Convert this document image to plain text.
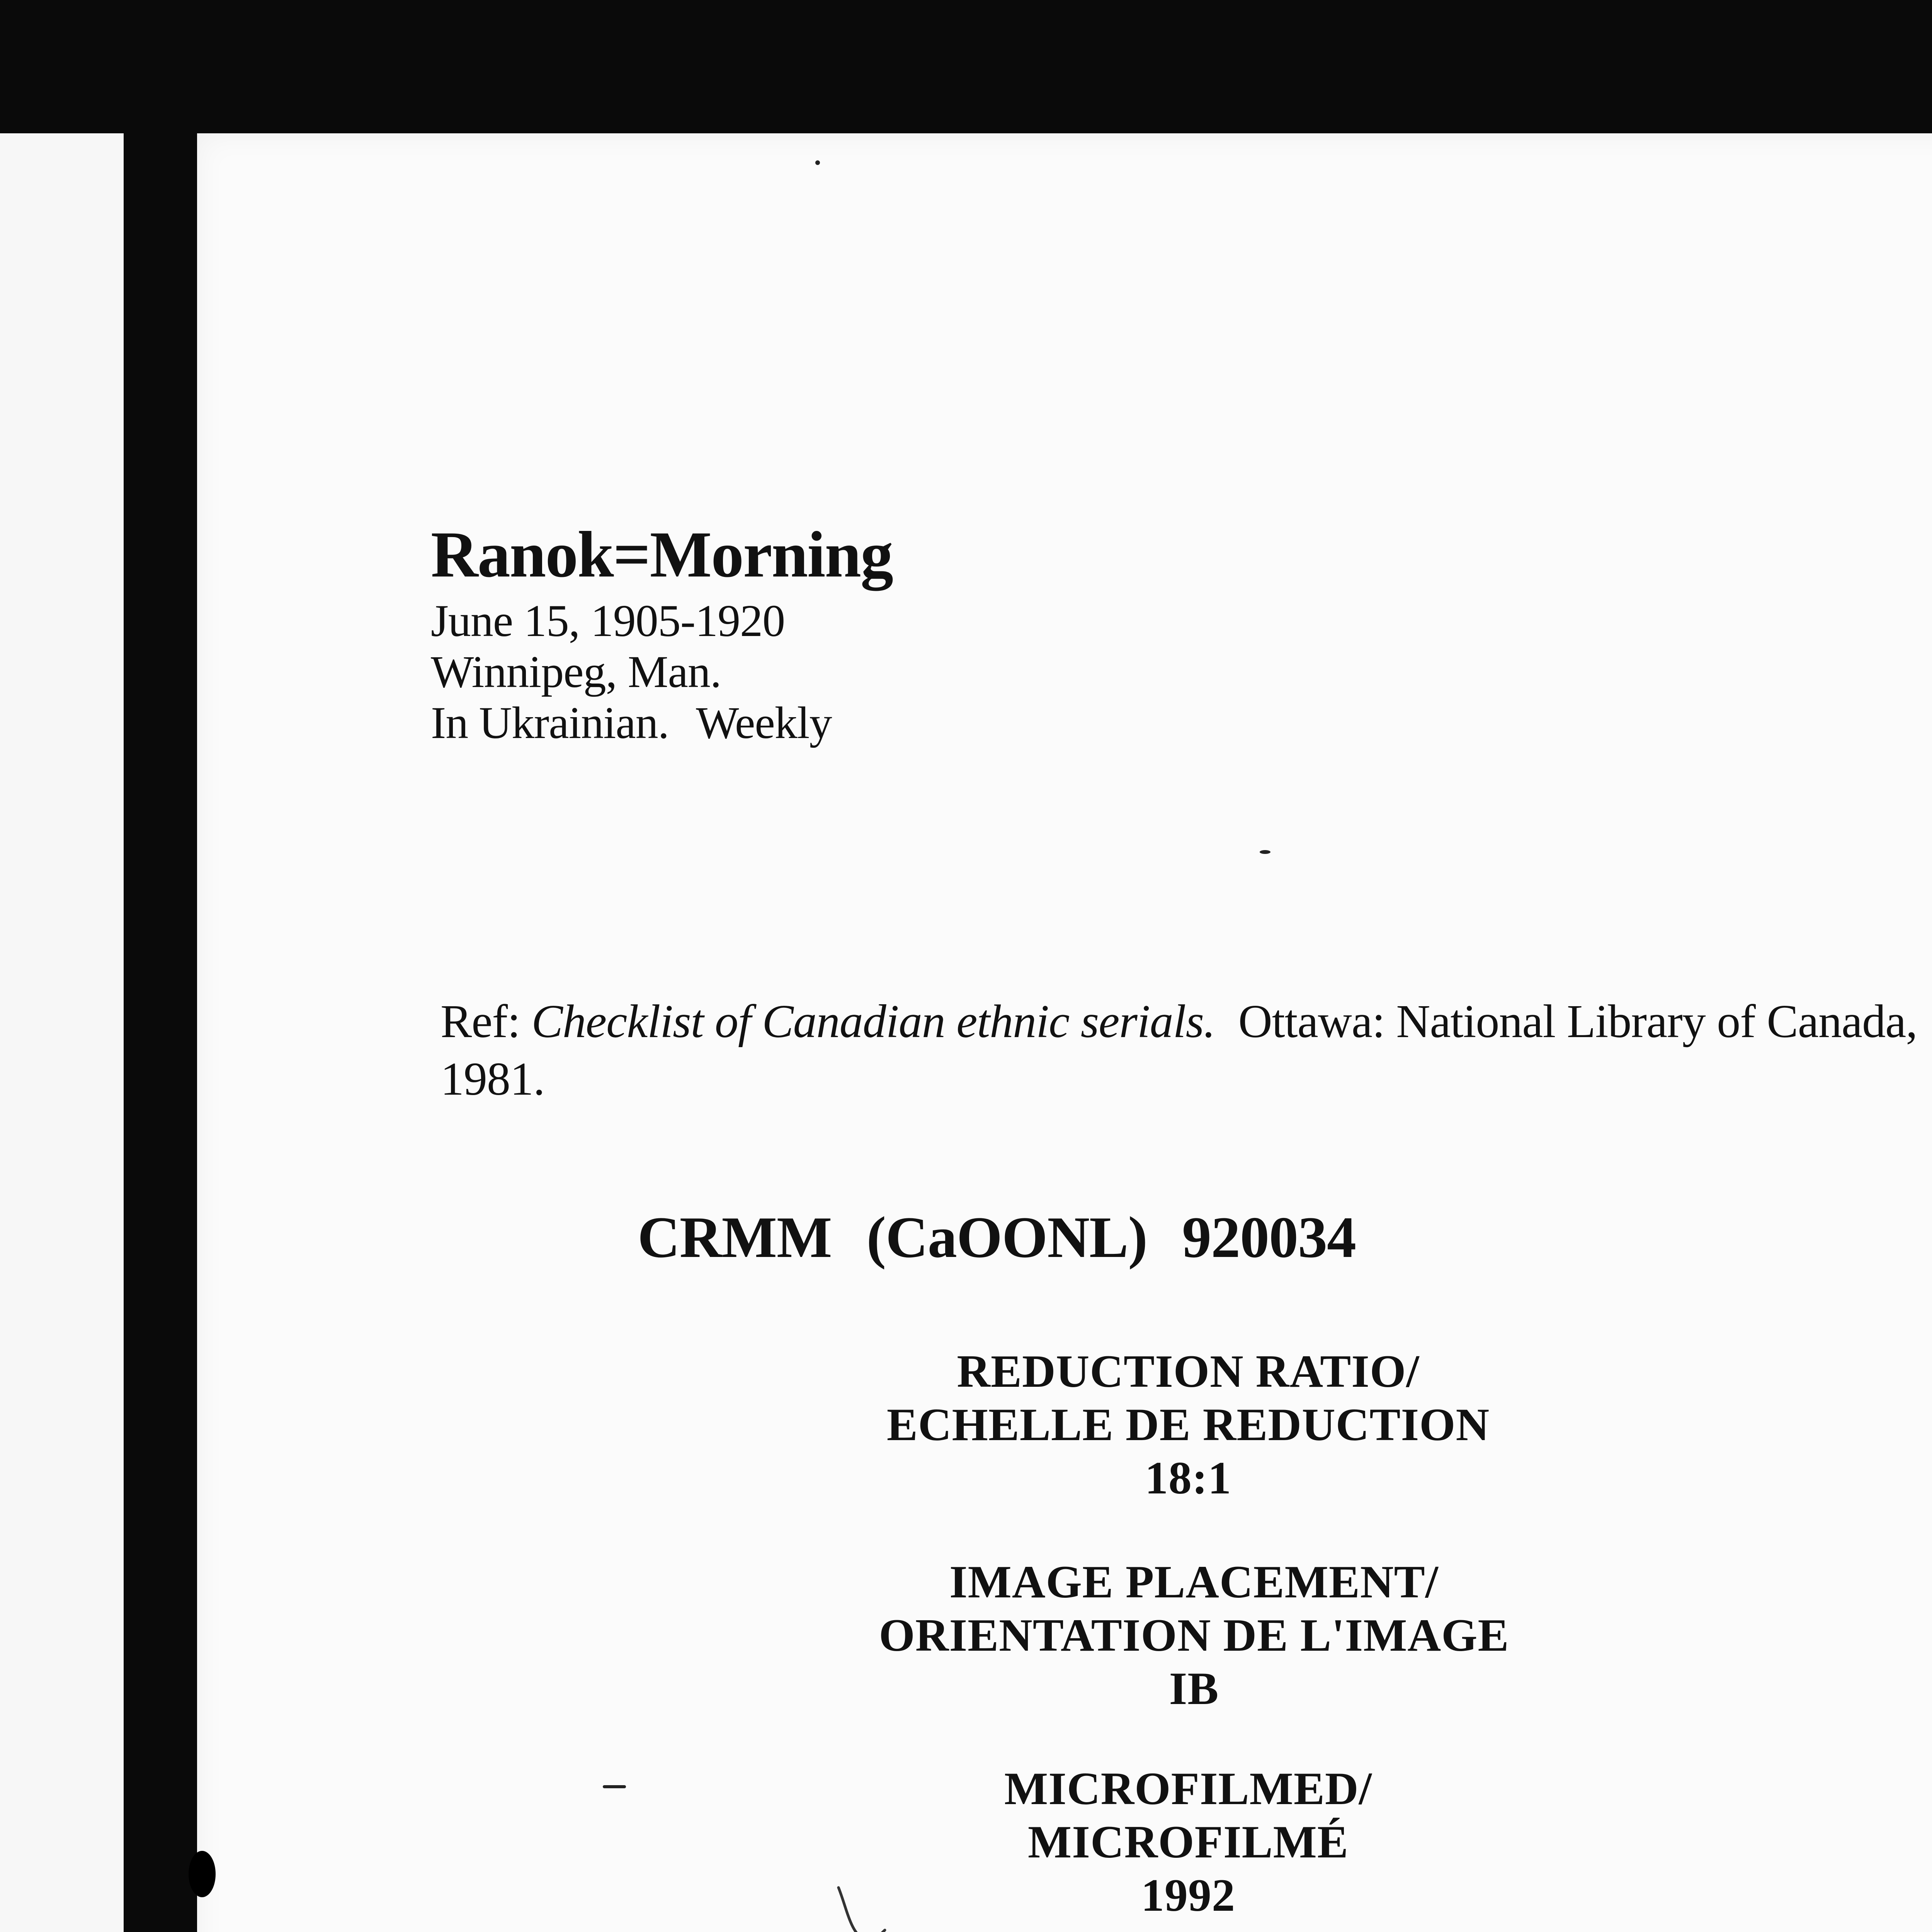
Ranok=Morning
June 15, 1905-1920
Winnipeg, Man.
In Ukrainian. Weekly
Ref: Checklist of Canadian ethnic serials. Ottawa: National Library of Canada,
1981.
CRMM (CaOONL) 920034
REDUCTION RATIO/
ECHELLE DE REDUCTION
18:1
IMAGE PLACEMENT/
ORIENTATION DE L'IMAGE
IB
MICROFILMED/
MICROFILMÉ
1992
